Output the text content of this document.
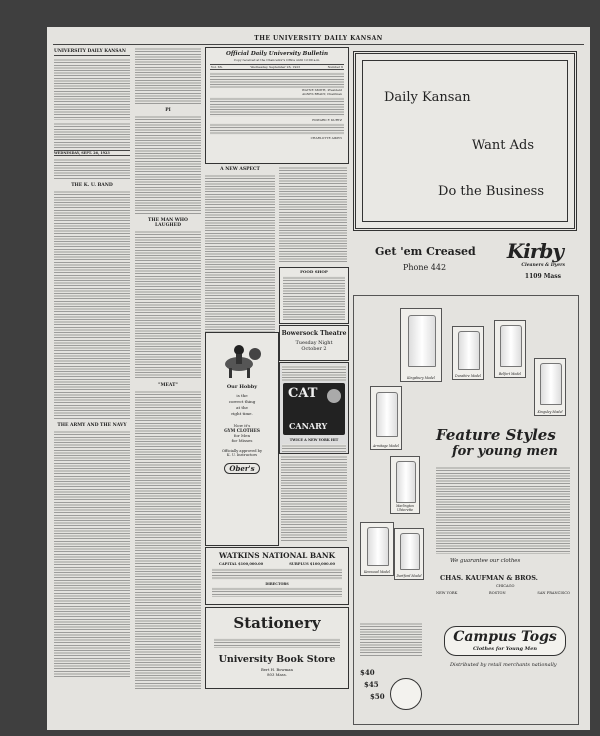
THE UNIVERSITY DAILY KANSAN
UNIVERSITY DAILY KANSAN
WEDNESDAY, SEPT. 26, 1923
THE K. U. BAND
THE ARMY AND THE NAVY
PI
THE MAN WHO LAUGHED
"MEAT"
Official Daily University Bulletin
Copy received at the Chancellor's Office until 12:00 a.m.
Vol. XX.	Wednesday, September 26, 1923	Number 6
WAYNE SMITH, President
AGNES BRADY, Chairman
EDWARD F. KURTZ
CHARLOTTE AIKEN
A NEW ASPECT
FOOD SHOP
Bowersock Theatre
Tuesday Night
October 2
Our Hobby
is the
correct thing
at the
right time.
Now it's
GYM CLOTHES
for Men
for Misses
Officially approved by
K. U. Instructors
Ober's
CAT
CANARY
TWICE A NEW YORK HIT
WATKINS NATIONAL BANK
CAPITAL $100,000.00	SURPLUS $100,000.00
DIRECTORS
Stationery
University Book Store
Bert H. Bowman
803 Mass.
Daily Kansan
Want Ads
Do the Business
Get 'em Creased
Phone 442
Kirby
Cleaners & Dyers
1109 Mass
Kingsbury Model	Dunshire Model	Belfort Model
Armitage Model
Kingsley Model
Marlington Ulsterette
Kenwood Model
Dartford Model
Feature Styles
for young men
We guarantee our clothes
CHAS. KAUFMAN & BROS.
CHICAGO
NEW YORK	BOSTON	SAN FRANCISCO
$40
$45
$50
Campus Togs
Clothes for Young Men
Distributed by retail merchants nationally
